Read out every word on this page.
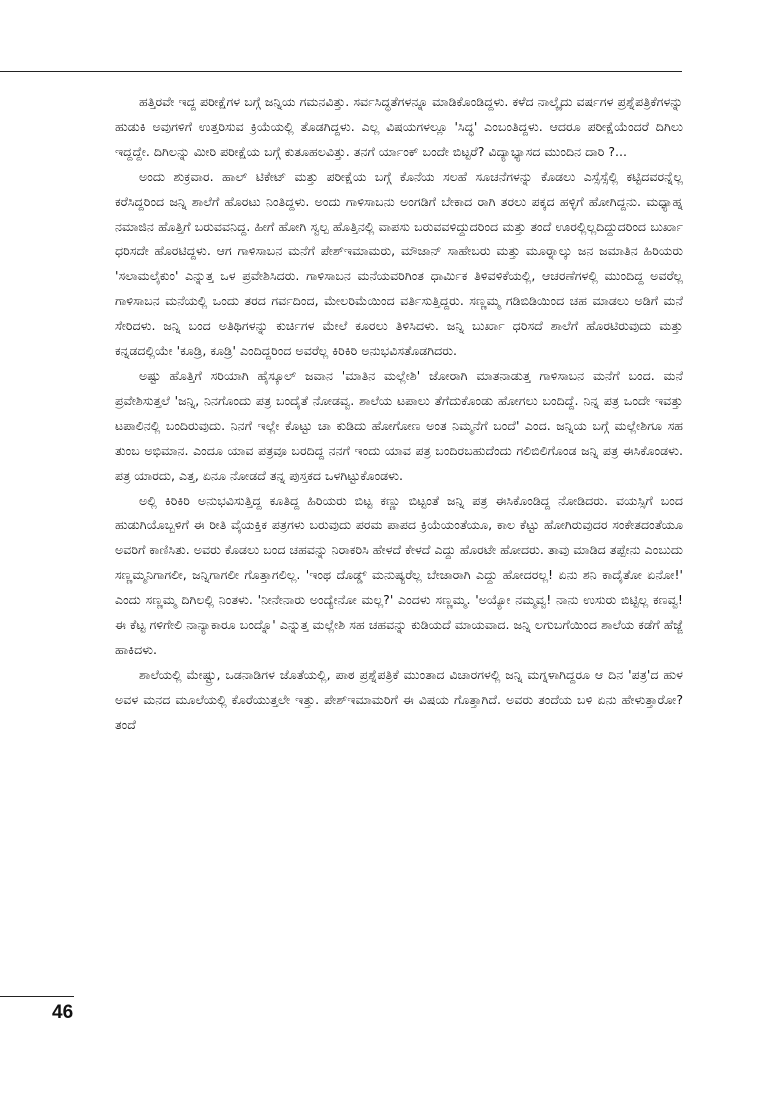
ಹತ್ತಿರವೇ ಇದ್ದ ಪರೀಕ್ಷೆಗಳ ಬಗ್ಗೆ ಜನ್ನಿಯ ಗಮನವಿತ್ತು. ಸರ್ವಸಿದ್ಧತೆಗಳನ್ನೂ ಮಾಡಿಕೊಂಡಿದ್ದಳು. ಕಳೆದ ನಾಲ್ಕೈದು ವರ್ಷಗಳ ಪ್ರಶ್ನೆಪತ್ರಿಕೆಗಳನ್ನು ಹುಡುಕಿ ಅವುಗಳಿಗೆ ಉತ್ತರಿಸುವ ಕ್ರಿಯೆಯಲ್ಲಿ ತೊಡಗಿದ್ದಳು. ಎಲ್ಲ ವಿಷಯಗಳಲ್ಲೂ 'ಸಿದ್ಧ' ಎಂಬಂತಿದ್ದಳು. ಆದರೂ ಪರೀಕ್ಷೆಯೆಂದರೆ ದಿಗಿಲು ಇದ್ದದ್ದೇ. ದಿಗಿಲನ್ನು ಮೀರಿ ಪರೀಕ್ಷೆಯ ಬಗ್ಗೆ ಕುತೂಹಲವಿತ್ತು. ತನಗೆ ರ್ಯಾಂಕ್ ಬಂದೇ ಬಿಟ್ಟರೆ? ವಿದ್ಯಾಭ್ಯಾಸದ ಮುಂದಿನ ದಾರಿ ?...

ಅಂದು ಶುಕ್ರವಾರ. ಹಾಲ್ ಟಿಕೇಟ್ ಮತ್ತು ಪರೀಕ್ಷೆಯ ಬಗ್ಗೆ ಕೊನೆಯ ಸಲಹೆ ಸೂಚನೆಗಳನ್ನು ಕೊಡಲು ಎಸ್ಸೆಸ್ಸೆಲ್ಲಿ ಕಟ್ಟಿದವರನ್ನೆಲ್ಲ ಕರೆಸಿದ್ದರಿಂದ ಜನ್ನಿ ಶಾಲೆಗೆ ಹೊರಟು ನಿಂತಿದ್ದಳು. ಅಂದು ಗಾಳಿಸಾಬನು ಅಂಗಡಿಗೆ ಬೇಕಾದ ರಾಗಿ ತರಲು ಪಕ್ಕದ ಹಳ್ಳಿಗೆ ಹೋಗಿದ್ದನು. ಮಧ್ಯಾಹ್ನ ನಮಾಜಿನ ಹೊತ್ತಿಗೆ ಬರುವವನಿದ್ದ. ಹೀಗೆ ಹೋಗಿ ಸ್ವಲ್ಪ ಹೊತ್ತಿನಲ್ಲಿ ವಾಪಸು ಬರುವವಳಿದ್ದುದರಿಂದ ಮತ್ತು ತಂದೆ ಊರಲ್ಲಿಲ್ಲದಿದ್ದುದರಿಂದ ಬುರ್ಖಾ ಧರಿಸದೇ ಹೊರಟಿದ್ದಳು. ಆಗ ಗಾಳಿಸಾಬನ ಮನೆಗೆ ಪೇಶ್‌ಇಮಾಮರು, ಮೌಜಾನ್ ಸಾಹೇಬರು ಮತ್ತು ಮೂರ್‍ನಾಲ್ಕು ಜನ ಜಮಾತಿನ ಹಿರಿಯರು 'ಸಲಾಮಲೈಕುಂ' ಎನ್ನುತ್ತ ಒಳ ಪ್ರವೇಶಿಸಿದರು. ಗಾಳಿಸಾಬನ ಮನೆಯವರಿಗಿಂತ ಧಾರ್ಮಿಕ ತಿಳಿವಳಿಕೆಯಲ್ಲಿ, ಆಚರಣೆಗಳಲ್ಲಿ ಮುಂದಿದ್ದ ಅವರೆಲ್ಲ ಗಾಳಿಸಾಬನ ಮನೆಯಲ್ಲಿ ಒಂದು ತರದ ಗರ್ವದಿಂದ, ಮೇಲರಿಮೆಯಿಂದ ವರ್ತಿಸುತ್ತಿದ್ದರು. ಸಣ್ಣಮ್ಮ ಗಡಿಬಿಡಿಯಿಂದ ಚಹ ಮಾಡಲು ಅಡಿಗೆ ಮನೆ ಸೇರಿದಳು. ಜನ್ನಿ ಬಂದ ಅತಿಥಿಗಳನ್ನು ಕುರ್ಚಿಗಳ ಮೇಲೆ ಕೂರಲು ತಿಳಿಸಿದಳು. ಜನ್ನಿ ಬುರ್ಖಾ ಧರಿಸದೆ ಶಾಲೆಗೆ ಹೊರಟಿರುವುದು ಮತ್ತು ಕನ್ನಡದಲ್ಲಿಯೇ 'ಕೂಡ್ರಿ, ಕೂಡ್ರಿ' ಎಂದಿದ್ದರಿಂದ ಅವರೆಲ್ಲ ಕಿರಿಕಿರಿ ಅನುಭವಿಸತೊಡಗಿದರು.

ಅಷ್ಟು ಹೊತ್ತಿಗೆ ಸರಿಯಾಗಿ ಹೈಸ್ಕೂಲ್ ಜವಾನ 'ಮಾತಿನ ಮಲ್ಲೇಶಿ' ಜೋರಾಗಿ ಮಾತನಾಡುತ್ತ ಗಾಳಿಸಾಬನ ಮನೆಗೆ ಬಂದ. ಮನೆ ಪ್ರವೇಶಿಸುತ್ತಲೆ 'ಜನ್ನಿ, ನಿನಗೊಂದು ಪತ್ರ ಬಂದೈತೆ ನೋಡವ್ವ. ಶಾಲೆಯ ಟಪಾಲು ತೆಗೆದುಕೊಂಡು ಹೋಗಲು ಬಂದಿದ್ದೆ. ನಿನ್ನ ಪತ್ರ ಒಂದೇ ಇವತ್ತು ಟಪಾಲಿನಲ್ಲಿ ಬಂದಿರುವುದು. ನಿನಗೆ ಇಲ್ಲೇ ಕೊಟ್ಟು ಚಾ ಕುಡಿದು ಹೋಗೋಣ ಅಂತ ನಿಮ್ಮನೆಗೆ ಬಂದೆ' ಎಂದ. ಜನ್ನಿಯ ಬಗ್ಗೆ ಮಲ್ಲೇಶಿಗೂ ಸಹ ತುಂಬ ಅಭಿಮಾನ. ಎಂದೂ ಯಾವ ಪತ್ರವೂ ಬರದಿದ್ದ ನನಗೆ ಇಂದು ಯಾವ ಪತ್ರ ಬಂದಿರಬಹುದೆಂದು ಗಲಿಬಿಲಿಗೊಂಡ ಜನ್ನಿ ಪತ್ರ ಈಸಿಕೊಂಡಳು. ಪತ್ರ ಯಾರದು, ಎತ್ತ, ಏನೂ ನೋಡದೆ ತನ್ನ ಪುಸ್ತಕದ ಒಳಗಿಟ್ಟುಕೊಂಡಳು.

ಅಲ್ಲಿ ಕಿರಿಕಿರಿ ಅನುಭವಿಸುತ್ತಿದ್ದ ಕೂತಿದ್ದ ಹಿರಿಯರು ಬಿಟ್ಟ ಕಣ್ಣು ಬಿಟ್ಟಂತೆ ಜನ್ನಿ ಪತ್ರ ಈಸಿಕೊಂಡಿದ್ದ ನೋಡಿದರು. ವಯಸ್ಸಿಗೆ ಬಂದ ಹುಡುಗಿಯೊಬ್ಬಳಿಗೆ ಈ ರೀತಿ ವೈಯಕ್ತಿಕ ಪತ್ರಗಳು ಬರುವುದು ಪರಮ ಪಾಪದ ಕ್ರಿಯೆಯಂತೆಯೂ, ಕಾಲ ಕೆಟ್ಟು ಹೋಗಿರುವುದರ ಸಂಕೇತದಂತೆಯೂ ಅವರಿಗೆ ಕಾಣಿಸಿತು. ಅವರು ಕೊಡಲು ಬಂದ ಚಹವನ್ನು ನಿರಾಕರಿಸಿ ಹೇಳದೆ ಕೇಳದೆ ಎದ್ದು ಹೊರಟೇ ಹೋದರು. ತಾವು ಮಾಡಿದ ತಪ್ಪೇನು ಎಂಬುದು ಸಣ್ಣಮ್ಮನಿಗಾಗಲೀ, ಜನ್ನಿಗಾಗಲೀ ಗೊತ್ತಾಗಲಿಲ್ಲ. 'ಇಂಥ ದೊಡ್ಡ್ ಮನುಷ್ಯರೆಲ್ಲ ಬೇಜಾರಾಗಿ ಎದ್ದು ಹೋದರಲ್ಲ! ಏನು ಶನಿ ಕಾದೈತೋ ಏನೋ!' ಎಂದು ಸಣ್ಣಮ್ಮ ದಿಗಿಲಲ್ಲಿ ನಿಂತಳು. 'ನೀನೇನಾರು ಅಂದ್ಯೇನೋ ಮಲ್ಲ?' ಎಂದಳು ಸಣ್ಣಮ್ಮ. 'ಅಯ್ಯೋ ನಮ್ಮವ್ವ! ನಾನು ಉಸುರು ಬಿಟ್ಟಿಲ್ಲ ಕಣವ್ವ! ಈ ಕೆಟ್ಟ ಗಳಿಗೇಲಿ ನಾನ್ಯಾಕಾರೂ ಬಂದ್ನೊ' ಎನ್ನುತ್ತ ಮಲ್ಲೇಶಿ ಸಹ ಚಹವನ್ನು ಕುಡಿಯದೆ ಮಾಯವಾದ. ಜನ್ನಿ ಲಗುಬಗೆಯಿಂದ ಶಾಲೆಯ ಕಡೆಗೆ ಹೆಜ್ಜೆ ಹಾಕಿದಳು.

ಶಾಲೆಯಲ್ಲಿ ಮೇಷ್ಟ್ರು, ಒಡನಾಡಿಗಳ ಜೊತೆಯಲ್ಲಿ, ಪಾಠ ಪ್ರಶ್ನೆಪತ್ರಿಕೆ ಮುಂತಾದ ವಿಚಾರಗಳಲ್ಲಿ ಜನ್ನಿ ಮಗ್ನಳಾಗಿದ್ದರೂ ಆ ದಿನ 'ಪತ್ರ'ದ ಹುಳ ಅವಳ ಮನದ ಮೂಲೆಯಲ್ಲಿ ಕೊರೆಯುತ್ತಲೇ ಇತ್ತು. ಪೇಶ್‌ಇಮಾಮರಿಗೆ ಈ ವಿಷಯ ಗೊತ್ತಾಗಿದೆ. ಅವರು ತಂದೆಯ ಬಳಿ ಏನು ಹೇಳುತ್ತಾರೋ? ತಂದೆ

46
